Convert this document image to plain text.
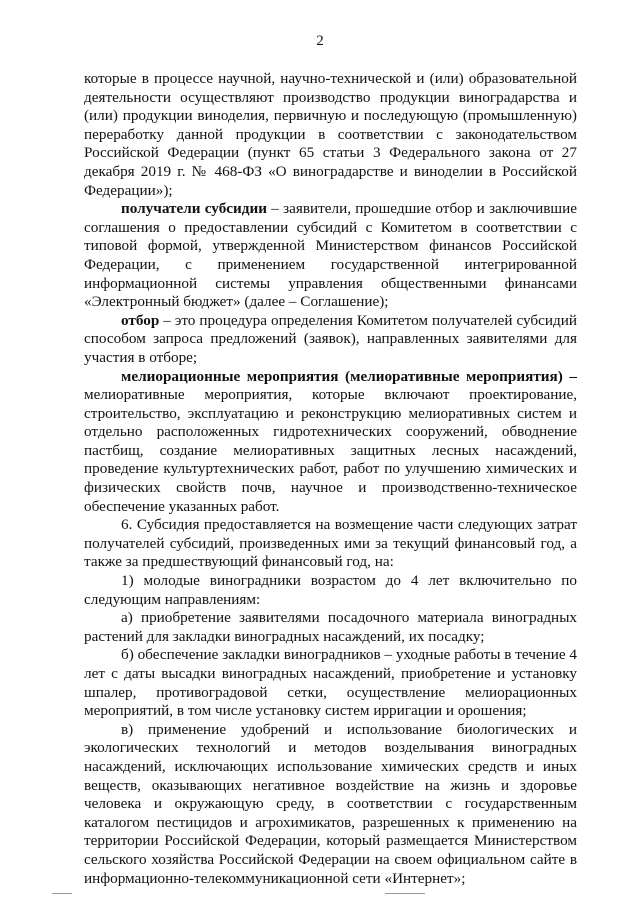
2

которые в процессе научной, научно-технической и (или) образовательной деятельности осуществляют производство продукции виноградарства и (или) продукции виноделия, первичную и последующую (промышленную) переработку данной продукции в соответствии с законодательством Российской Федерации (пункт 65 статьи 3 Федерального закона от 27 декабря 2019 г. № 468-ФЗ «О виноградарстве и виноделии в Российской Федерации»);

получатели субсидии – заявители, прошедшие отбор и заключившие соглашения о предоставлении субсидий с Комитетом в соответствии с типовой формой, утвержденной Министерством финансов Российской Федерации, с применением государственной интегрированной информационной системы управления общественными финансами «Электронный бюджет» (далее – Соглашение);

отбор – это процедура определения Комитетом получателей субсидий способом запроса предложений (заявок), направленных заявителями для участия в отборе;

мелиорационные мероприятия (мелиоративные мероприятия) – мелиоративные мероприятия, которые включают проектирование, строительство, эксплуатацию и реконструкцию мелиоративных систем и отдельно расположенных гидротехнических сооружений, обводнение пастбищ, создание мелиоративных защитных лесных насаждений, проведение культуртехнических работ, работ по улучшению химических и физических свойств почв, научное и производственно-техническое обеспечение указанных работ.

6. Субсидия предоставляется на возмещение части следующих затрат получателей субсидий, произведенных ими за текущий финансовый год, а также за предшествующий финансовый год, на:

1) молодые виноградники возрастом до 4 лет включительно по следующим направлениям:

а) приобретение заявителями посадочного материала виноградных растений для закладки виноградных насаждений, их посадку;

б) обеспечение закладки виноградников – уходные работы в течение 4 лет с даты высадки виноградных насаждений, приобретение и установку шпалер, противоградовой сетки, осуществление мелиорационных мероприятий, в том числе установку систем ирригации и орошения;

в) применение удобрений и использование биологических и экологических технологий и методов возделывания виноградных насаждений, исключающих использование химических средств и иных веществ, оказывающих негативное воздействие на жизнь и здоровье человека и окружающую среду, в соответствии с государственным каталогом пестицидов и агрохимикатов, разрешенных к применению на территории Российской Федерации, который размещается Министерством сельского хозяйства Российской Федерации на своем официальном сайте в информационно-телекоммуникационной сети «Интернет»;
